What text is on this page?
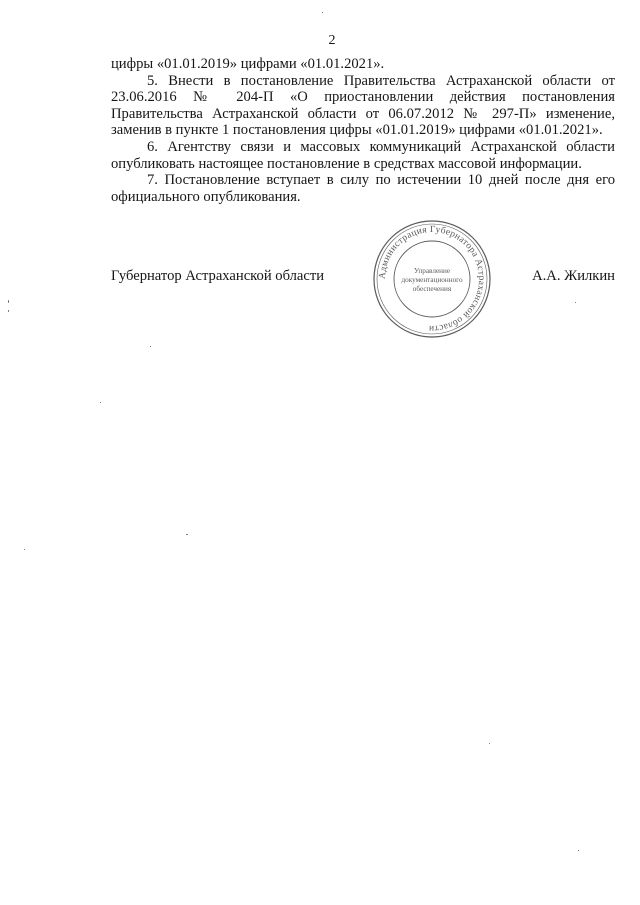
2

цифры «01.01.2019» цифрами «01.01.2021».

5. Внести в постановление Правительства Астраханской области от 23.06.2016 № 204-П «О приостановлении действия постановления Правительства Астраханской области от 06.07.2012 № 297-П» изменение, заменив в пункте 1 постановления цифры «01.01.2019» цифрами «01.01.2021».

6. Агентству связи и массовых коммуникаций Астраханской области опубликовать настоящее постановление в средствах массовой информации.

7. Постановление вступает в силу по истечении 10 дней после дня его официального опубликования.

Губернатор Астраханской области	А.А. Жилкин
Администрация Губернатора Астраханской области
Управление
документационного
обеспечения
